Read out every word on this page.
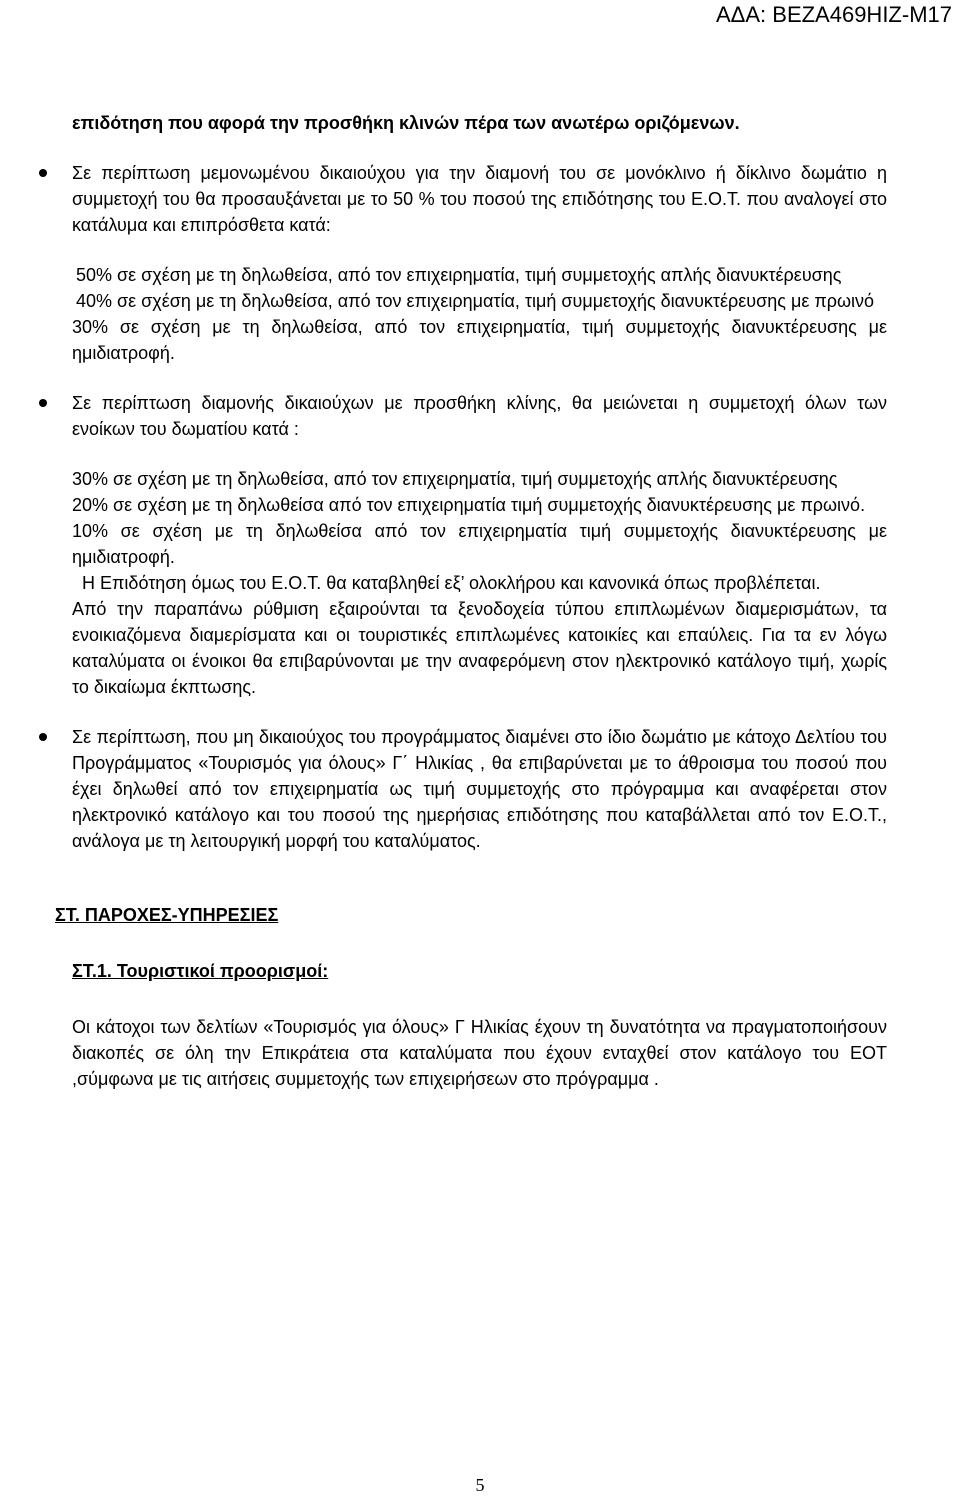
ΑΔΑ: ΒΕΖΑ469ΗΙΖ-Μ17

επιδότηση που αφορά την προσθήκη κλινών πέρα των ανωτέρω οριζόμενων.

Σε περίπτωση μεμονωμένου δικαιούχου για την διαμονή του σε μονόκλινο ή δίκλινο δωμάτιο η συμμετοχή του θα προσαυξάνεται με το 50 % του ποσού της επιδότησης του Ε.Ο.Τ. που αναλογεί στο κατάλυμα και επιπρόσθετα κατά:

50% σε σχέση με τη δηλωθείσα, από τον επιχειρηματία, τιμή συμμετοχής απλής διανυκτέρευσης

40% σε σχέση με τη δηλωθείσα, από τον επιχειρηματία, τιμή συμμετοχής διανυκτέρευσης με πρωινό

30% σε σχέση με τη δηλωθείσα, από τον επιχειρηματία, τιμή συμμετοχής διανυκτέρευσης με ημιδιατροφή.

Σε περίπτωση διαμονής δικαιούχων με προσθήκη κλίνης, θα μειώνεται η συμμετοχή όλων των ενοίκων του δωματίου κατά :

30% σε σχέση με τη δηλωθείσα, από τον επιχειρηματία, τιμή συμμετοχής απλής διανυκτέρευσης

20% σε σχέση με τη δηλωθείσα από τον επιχειρηματία τιμή συμμετοχής διανυκτέρευσης με πρωινό.

10% σε σχέση με τη δηλωθείσα από τον επιχειρηματία τιμή συμμετοχής διανυκτέρευσης με ημιδιατροφή.

Η Επιδότηση όμως του Ε.Ο.Τ. θα καταβληθεί εξ’ ολοκλήρου και κανονικά όπως προβλέπεται.

Από την παραπάνω ρύθμιση εξαιρούνται τα ξενοδοχεία τύπου επιπλωμένων διαμερισμάτων, τα ενοικιαζόμενα διαμερίσματα και οι τουριστικές επιπλωμένες κατοικίες και επαύλεις. Για τα εν λόγω καταλύματα οι ένοικοι θα επιβαρύνονται με την αναφερόμενη στον ηλεκτρονικό κατάλογο τιμή, χωρίς το δικαίωμα έκπτωσης.

Σε περίπτωση, που μη δικαιούχος του προγράμματος διαμένει στο ίδιο δωμάτιο με κάτοχο Δελτίου του Προγράμματος «Τουρισμός για όλους» Γ΄ Ηλικίας , θα επιβαρύνεται με το άθροισμα του ποσού που έχει δηλωθεί από τον επιχειρηματία ως τιμή συμμετοχής στο πρόγραμμα και αναφέρεται στον ηλεκτρονικό κατάλογο και του ποσού της ημερήσιας επιδότησης που καταβάλλεται από τον Ε.Ο.Τ., ανάλογα με τη λειτουργική μορφή του καταλύματος.

ΣΤ. ΠΑΡΟΧΕΣ-ΥΠΗΡΕΣΙΕΣ

ΣΤ.1. Τουριστικοί προορισμοί:

Οι κάτοχοι των δελτίων «Τουρισμός για όλους» Γ Ηλικίας έχουν τη δυνατότητα να πραγματοποιήσουν διακοπές σε όλη την Επικράτεια στα καταλύματα που έχουν ενταχθεί στον κατάλογο του ΕΟΤ ,σύμφωνα με τις αιτήσεις συμμετοχής των επιχειρήσεων στο πρόγραμμα .

5
